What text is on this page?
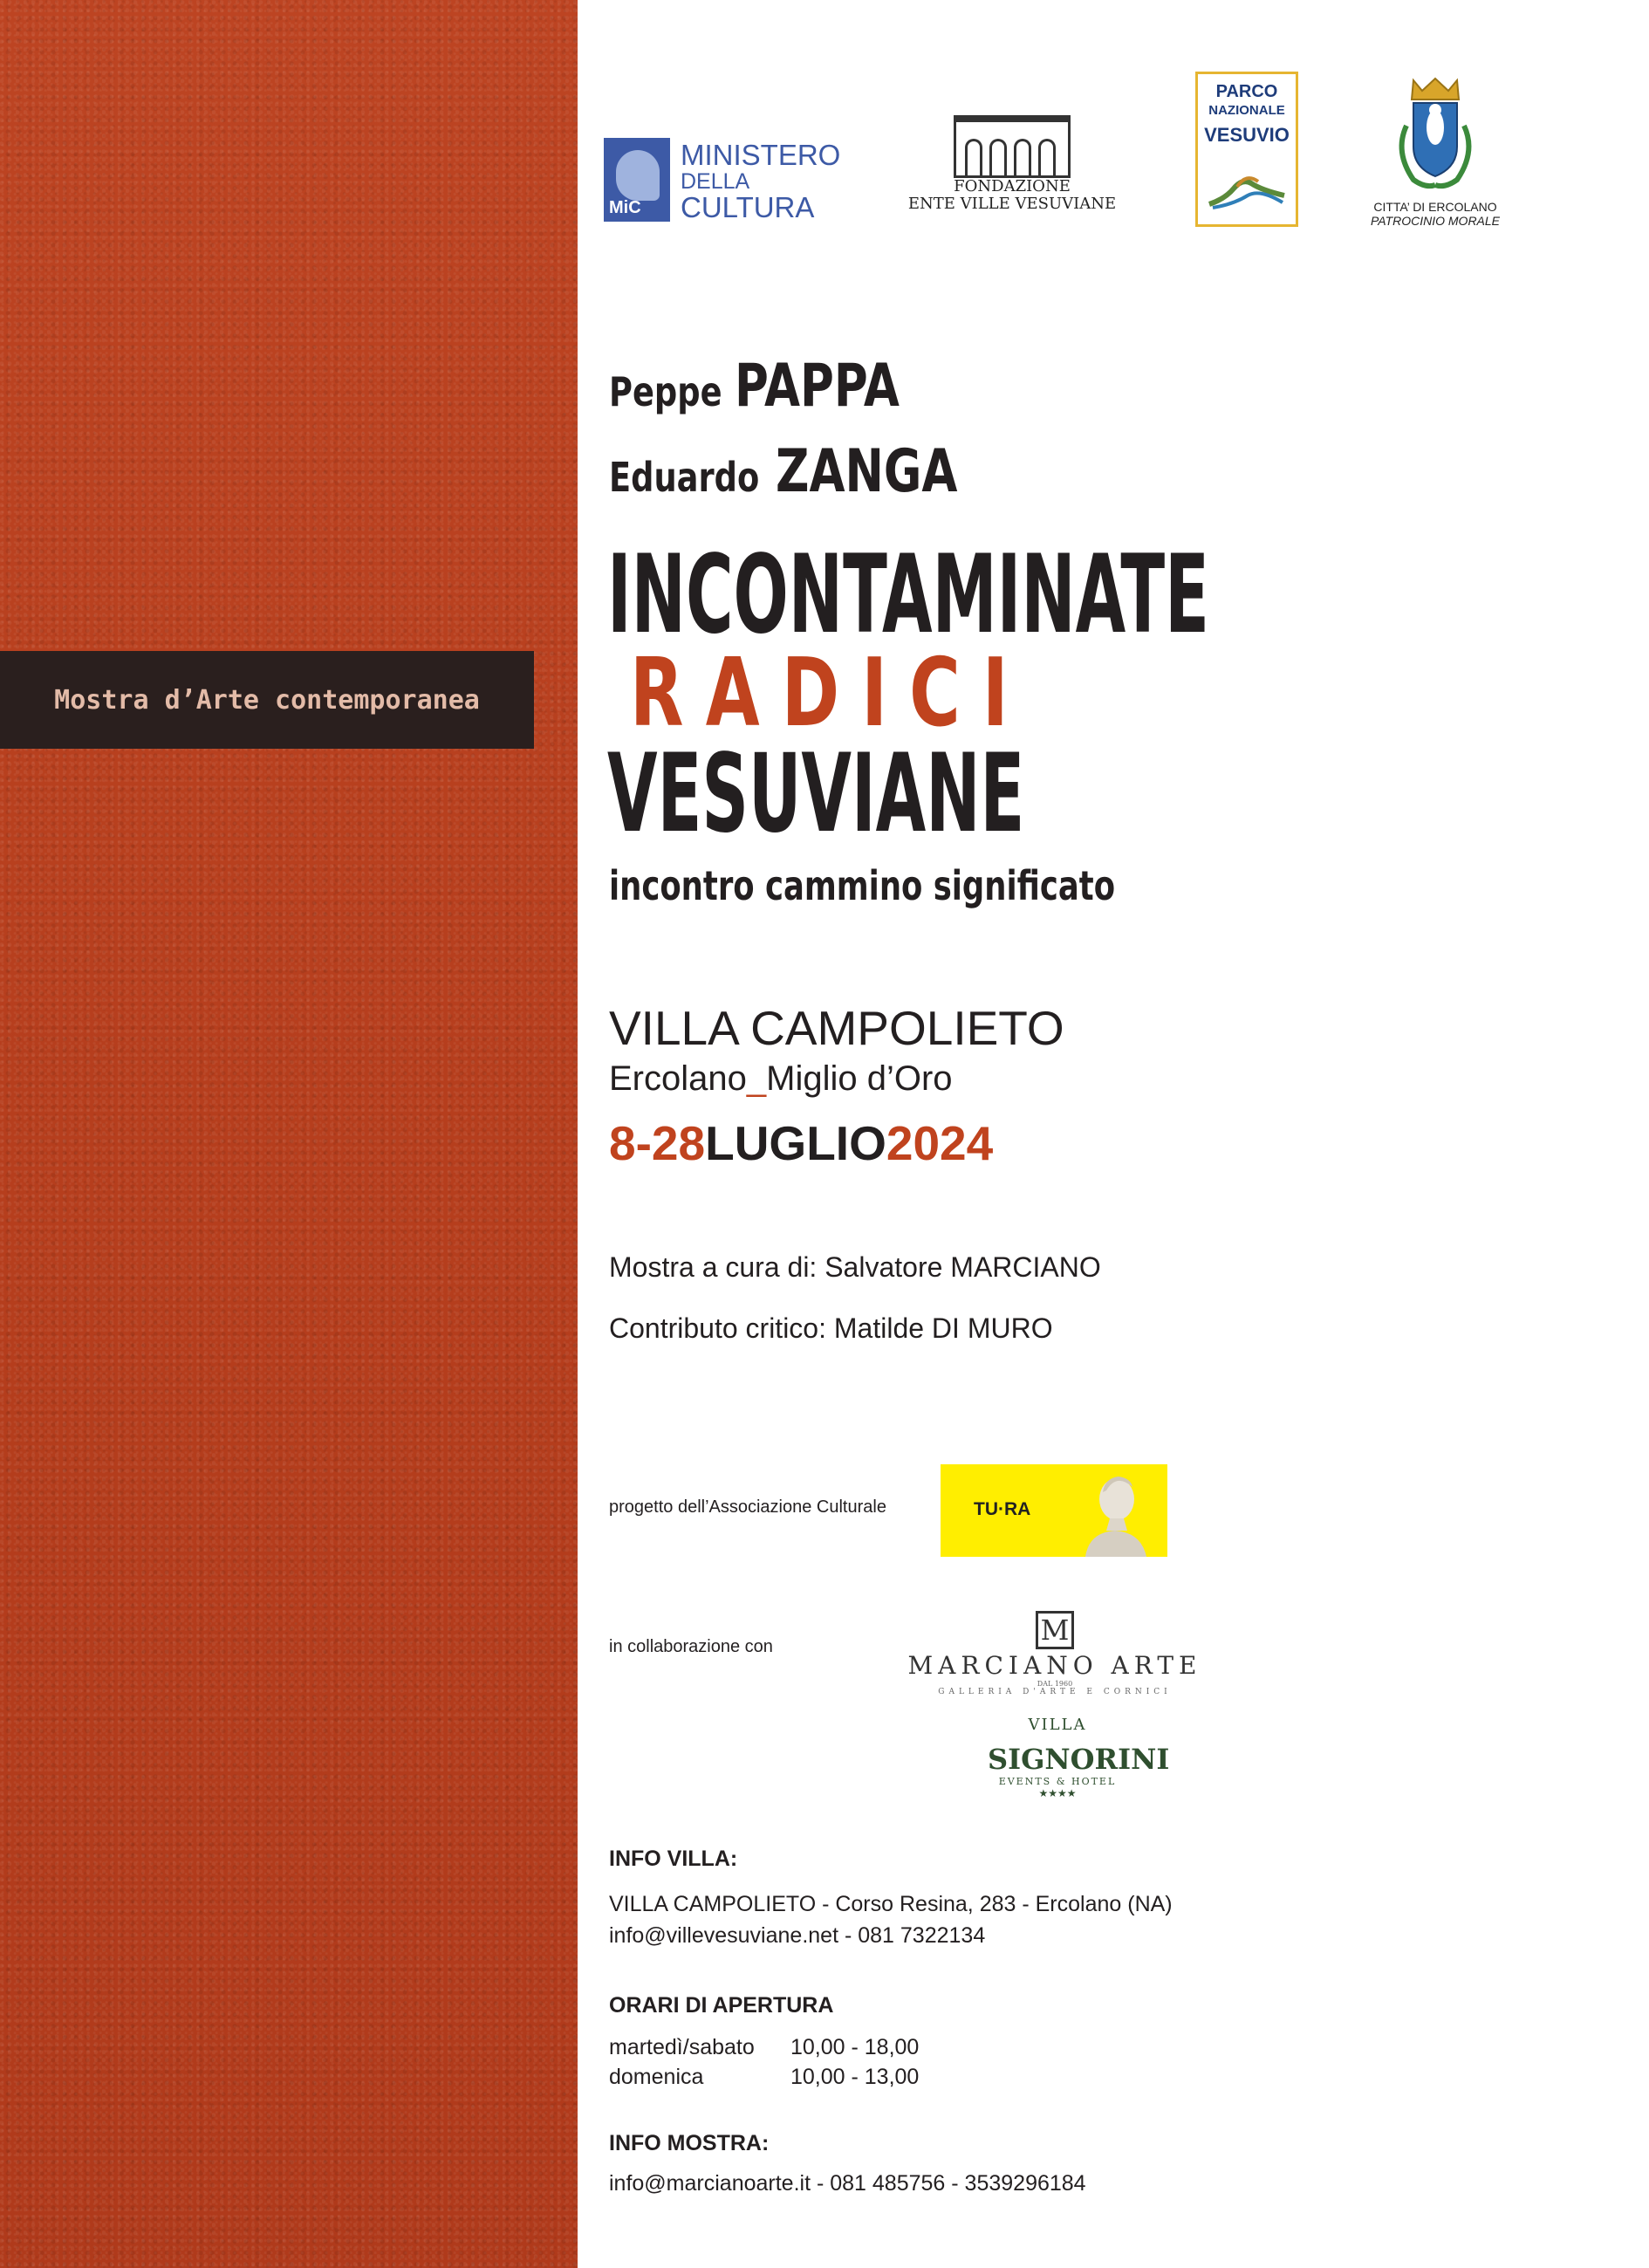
Mostra d’Arte contemporanea
MiC
MINISTERO
DELLA
CULTURA
FONDAZIONE
ENTE VILLE VESUVIANE
PARCO
NAZIONALE
VESUVIO
CITTA’ DI ERCOLANO
PATROCINIO MORALE
Peppe PAPPA
Eduardo ZANGA
INCONTAMINATE
RADICI
VESUVIANE
incontro cammino significato
VILLA CAMPOLIETO
Ercolano_Miglio d’Oro
8-28LUGLIO2024
Mostra a cura di: Salvatore MARCIANO
Contributo critico: Matilde DI MURO
progetto dell’Associazione Culturale	TU·RA
in collaborazione con	M
MARCIANO ARTE
DAL 1960
GALLERIA D'ARTE E CORNICI
VILLA
SIGNORINI
EVENTS & HOTEL
★★★★
INFO VILLA:
VILLA CAMPOLIETO - Corso Resina, 283 - Ercolano (NA)
info@villevesuviane.net - 081 7322134
ORARI DI APERTURA
martedì/sabato 10,00 - 18,00
domenica	10,00 - 13,00
INFO MOSTRA:
info@marcianoarte.it - 081 485756 - 3539296184
